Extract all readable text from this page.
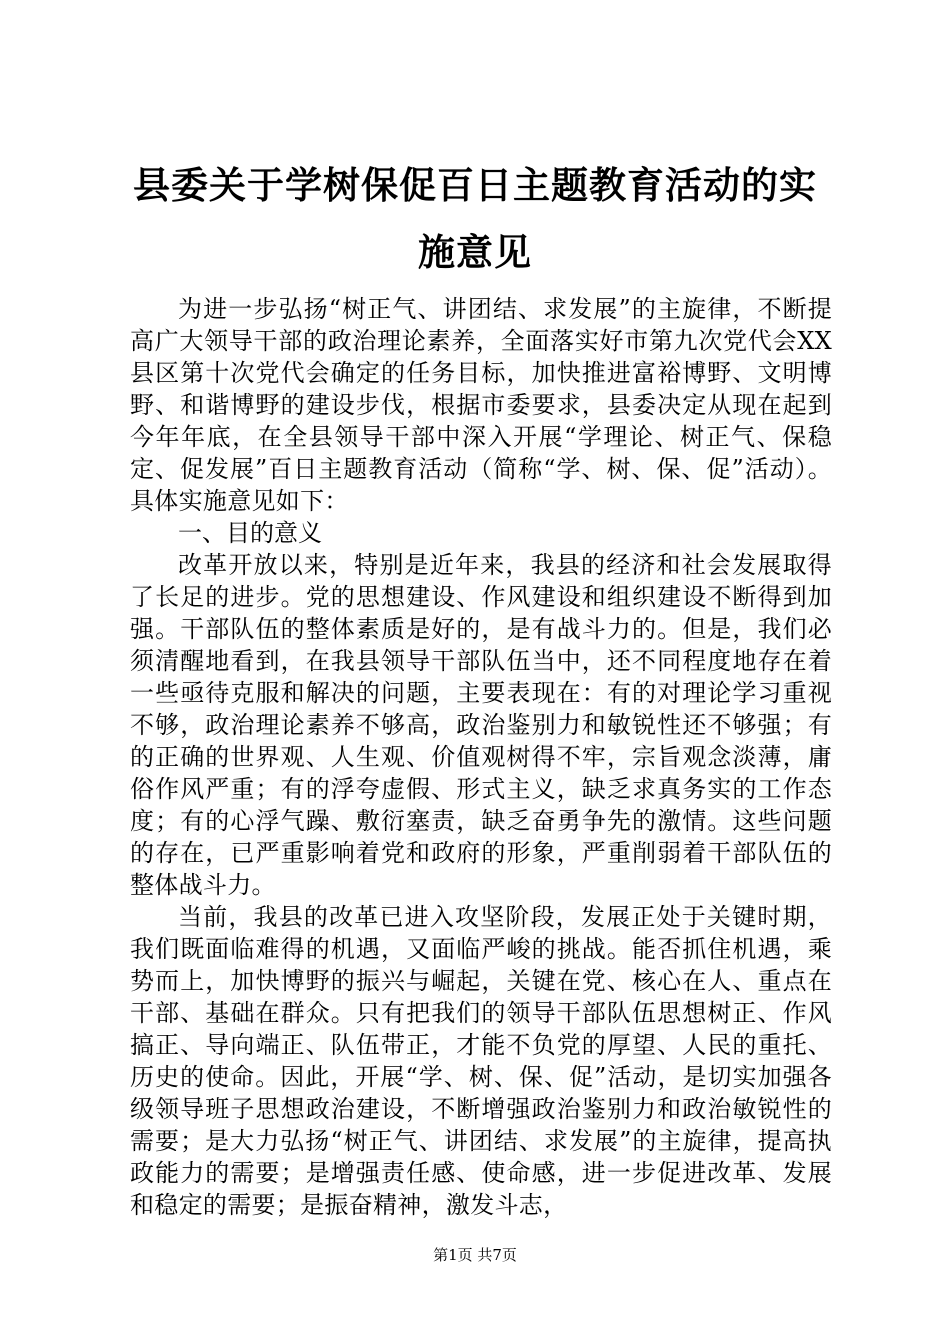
县委关于学树保促百日主题教育活动的实施意见

为进一步弘扬“树正气、讲团结、求发展”的主旋律，不断提高广大领导干部的政治理论素养，全面落实好市第九次党代会XX县区第十次党代会确定的任务目标，加快推进富裕博野、文明博野、和谐博野的建设步伐，根据市委要求，县委决定从现在起到今年年底，在全县领导干部中深入开展“学理论、树正气、保稳定、促发展”百日主题教育活动（简称“学、树、保、促”活动）。具体实施意见如下：

一、目的意义

改革开放以来，特别是近年来，我县的经济和社会发展取得了长足的进步。党的思想建设、作风建设和组织建设不断得到加强。干部队伍的整体素质是好的，是有战斗力的。但是，我们必须清醒地看到，在我县领导干部队伍当中，还不同程度地存在着一些亟待克服和解决的问题，主要表现在：有的对理论学习重视不够，政治理论素养不够高，政治鉴别力和敏锐性还不够强；有的正确的世界观、人生观、价值观树得不牢，宗旨观念淡薄，庸俗作风严重；有的浮夸虚假、形式主义，缺乏求真务实的工作态度；有的心浮气躁、敷衍塞责，缺乏奋勇争先的激情。这些问题的存在，已严重影响着党和政府的形象，严重削弱着干部队伍的整体战斗力。

当前，我县的改革已进入攻坚阶段，发展正处于关键时期，我们既面临难得的机遇，又面临严峻的挑战。能否抓住机遇，乘势而上，加快博野的振兴与崛起，关键在党、核心在人、重点在干部、基础在群众。只有把我们的领导干部队伍思想树正、作风搞正、导向端正、队伍带正，才能不负党的厚望、人民的重托、历史的使命。因此，开展“学、树、保、促”活动，是切实加强各级领导班子思想政治建设，不断增强政治鉴别力和政治敏锐性的需要；是大力弘扬“树正气、讲团结、求发展”的主旋律，提高执政能力的需要；是增强责任感、使命感，进一步促进改革、发展和稳定的需要；是振奋精神，激发斗志，

第1页 共7页
